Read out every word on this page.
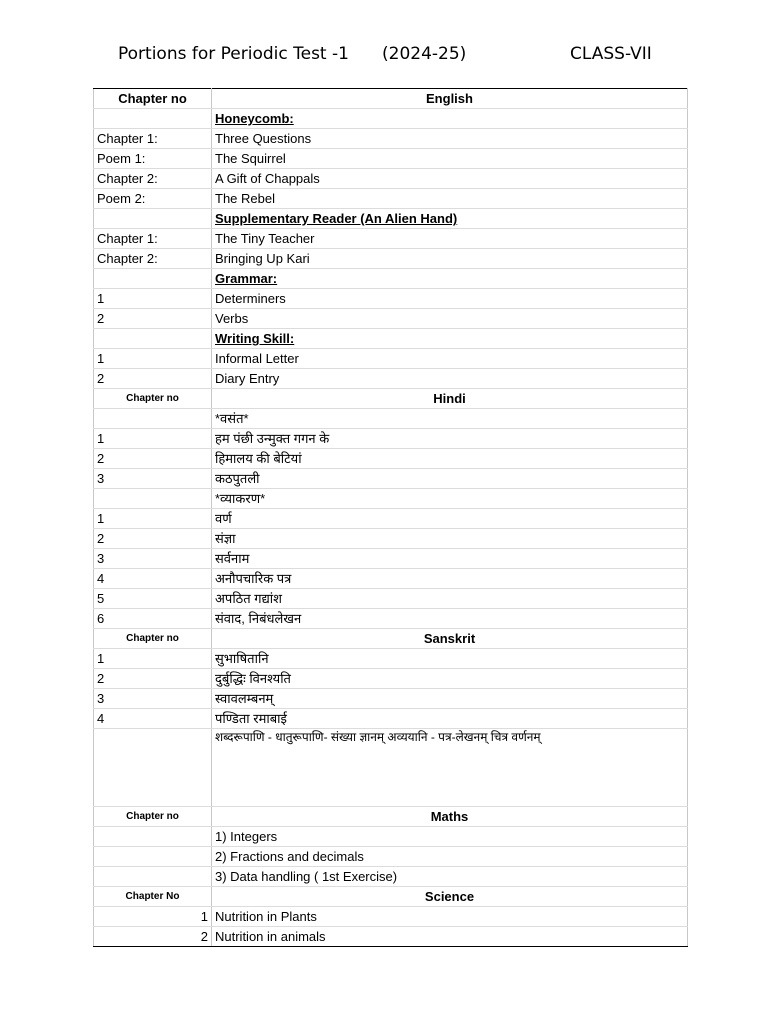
Portions for Periodic Test -1 (2024-25)	CLASS-VII
Chapter no	English
	Honeycomb:
Chapter 1:	Three Questions
Poem 1:	The Squirrel
Chapter 2:	A Gift of Chappals
Poem 2:	The Rebel
	Supplementary Reader (An Alien Hand)
Chapter 1:	The Tiny Teacher
Chapter 2:	Bringing Up Kari
	Grammar:
1	Determiners
2	Verbs
	Writing Skill:
1	Informal Letter
2	Diary Entry
Chapter no	Hindi
	*वसंत*
1	हम पंछी उन्मुक्त गगन के
2	हिमालय की बेटियां
3	कठपुतली
	*व्याकरण*
1	वर्ण
2	संज्ञा
3	सर्वनाम
4	अनौपचारिक पत्र
5	अपठित गद्यांश
6	संवाद, निबंधलेखन
Chapter no	Sanskrit
1	सुभाषितानि
2	दुर्बुद्धिः विनश्यति
3	स्वावलम्बनम्
4	पण्डिता रमाबाई
	शब्दरूपाणि - धातुरूपाणि- संख्या ज्ञानम् अव्ययानि - पत्र-लेखनम् चित्र वर्णनम्
Chapter no	Maths
	1) Integers
	2) Fractions and decimals
	3) Data handling ( 1st Exercise)
Chapter No	Science
1	Nutrition in Plants
2	Nutrition in animals
